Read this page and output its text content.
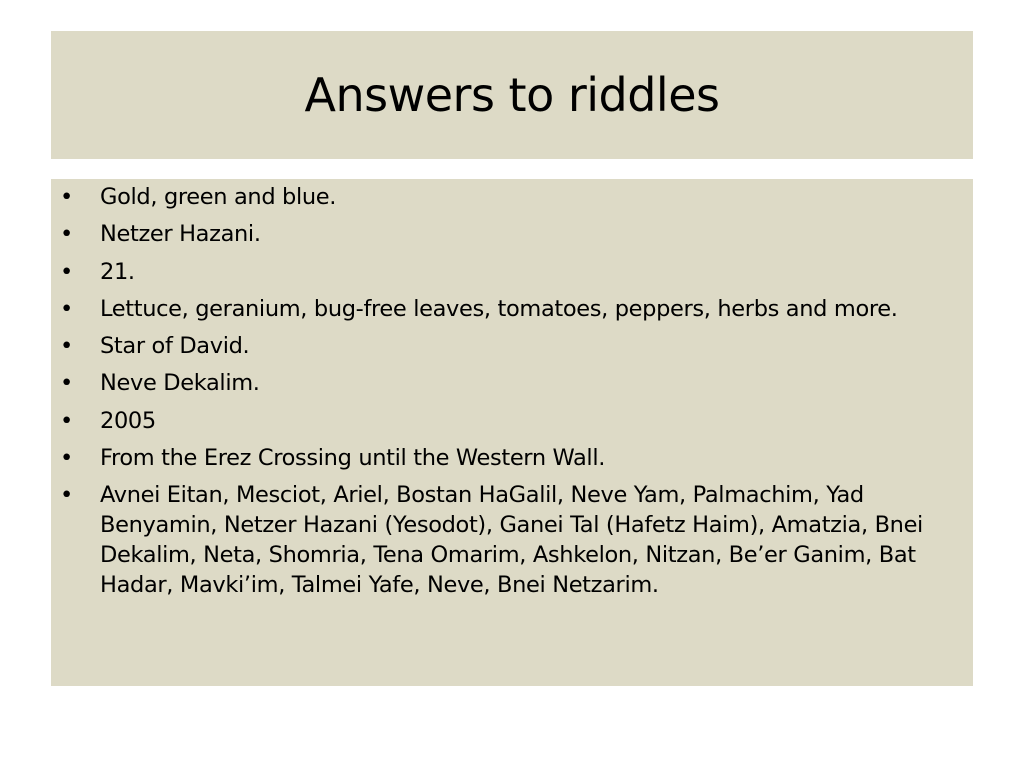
Answers to riddles
• Gold, green and blue.
• Netzer Hazani.
• 21.
• Lettuce, geranium, bug-free leaves, tomatoes, peppers, herbs and more.
• Star of David.
• Neve Dekalim.
• 2005
• From the Erez Crossing until the Western Wall.
• Avnei Eitan, Mesciot, Ariel, Bostan HaGalil, Neve Yam, Palmachim, Yad Benyamin, Netzer Hazani (Yesodot), Ganei Tal (Hafetz Haim), Amatzia, Bnei Dekalim, Neta, Shomria, Tena Omarim, Ashkelon, Nitzan, Be’er Ganim, Bat Hadar, Mavki’im, Talmei Yafe, Neve, Bnei Netzarim.
